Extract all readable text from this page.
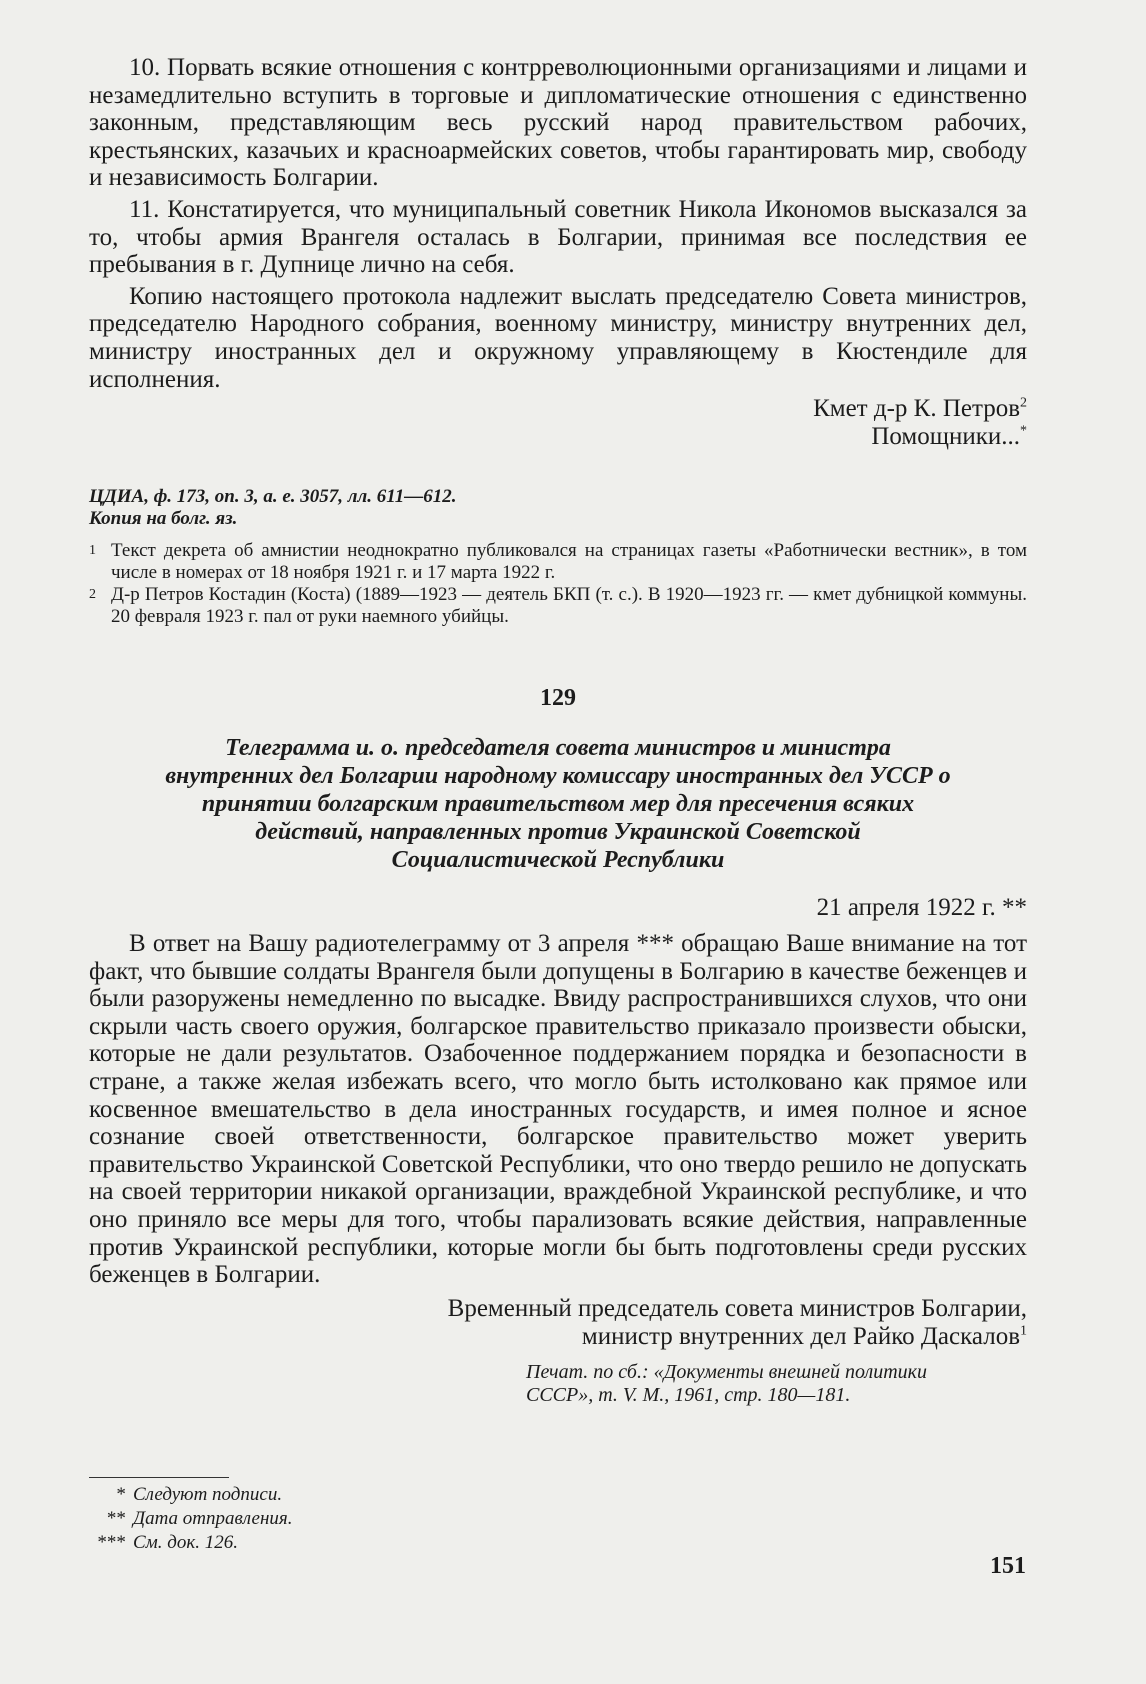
10. Порвать всякие отношения с контрреволюционными организациями и лицами и незамедлительно вступить в торговые и дипломатические отношения с единственно законным, представляющим весь русский народ правительством рабочих, крестьянских, казачьих и красноармейских советов, чтобы гарантировать мир, свободу и независимость Болгарии.

11. Констатируется, что муниципальный советник Никола Икономов высказался за то, чтобы армия Врангеля осталась в Болгарии, принимая все последствия ее пребывания в г. Дупнице лично на себя.

Копию настоящего протокола надлежит выслать председателю Совета министров, председателю Народного собрания, военному министру, министру внутренних дел, министру иностранных дел и окружному управляющему в Кюстендиле для исполнения.

Кмет д-р К. Петров$^2$
Помощники...*
ЦДИА, ф. 173, оп. 3, а. е. 3057, лл. 611—612.
Копия на болг. яз.
1 Текст декрета об амнистии неоднократно публиковался на страницах газеты «Работнически вестник», в том числе в номерах от 18 ноября 1921 г. и 17 марта 1922 г.
2 Д-р Петров Костадин (Коста) (1889—1923 — деятель БКП (т. с.). В 1920—1923 гг. — кмет дубницкой коммуны. 20 февраля 1923 г. пал от руки наемного убийцы.
129
Телеграмма и. о. председателя совета министров и министра внутренних дел Болгарии народному комиссару иностранных дел УССР о принятии болгарским правительством мер для пресечения всяких действий, направленных против Украинской Советской Социалистической Республики
21 апреля 1922 г. **

В ответ на Вашу радиотелеграмму от 3 апреля *** обращаю Ваше внимание на тот факт, что бывшие солдаты Врангеля были допущены в Болгарию в качестве беженцев и были разоружены немедленно по высадке. Ввиду распространившихся слухов, что они скрыли часть своего оружия, болгарское правительство приказало произвести обыски, которые не дали результатов. Озабоченное поддержанием порядка и безопасности в стране, а также желая избежать всего, что могло быть истолковано как прямое или косвенное вмешательство в дела иностранных государств, и имея полное и ясное сознание своей ответственности, болгарское правительство может уверить правительство Украинской Советской Республики, что оно твердо решило не допускать на своей территории никакой организации, враждебной Украинской республике, и что оно приняло все меры для того, чтобы парализовать всякие действия, направленные против Украинской республики, которые могли бы быть подготовлены среди русских беженцев в Болгарии.

Временный председатель совета министров Болгарии,
министр внутренних дел Райко Даскалов$^1$
Печат. по сб.: «Документы внешней политики
СССР», т. V. М., 1961, стр. 180—181.
* Следуют подписи.
** Дата отправления.
*** См. док. 126.
151
